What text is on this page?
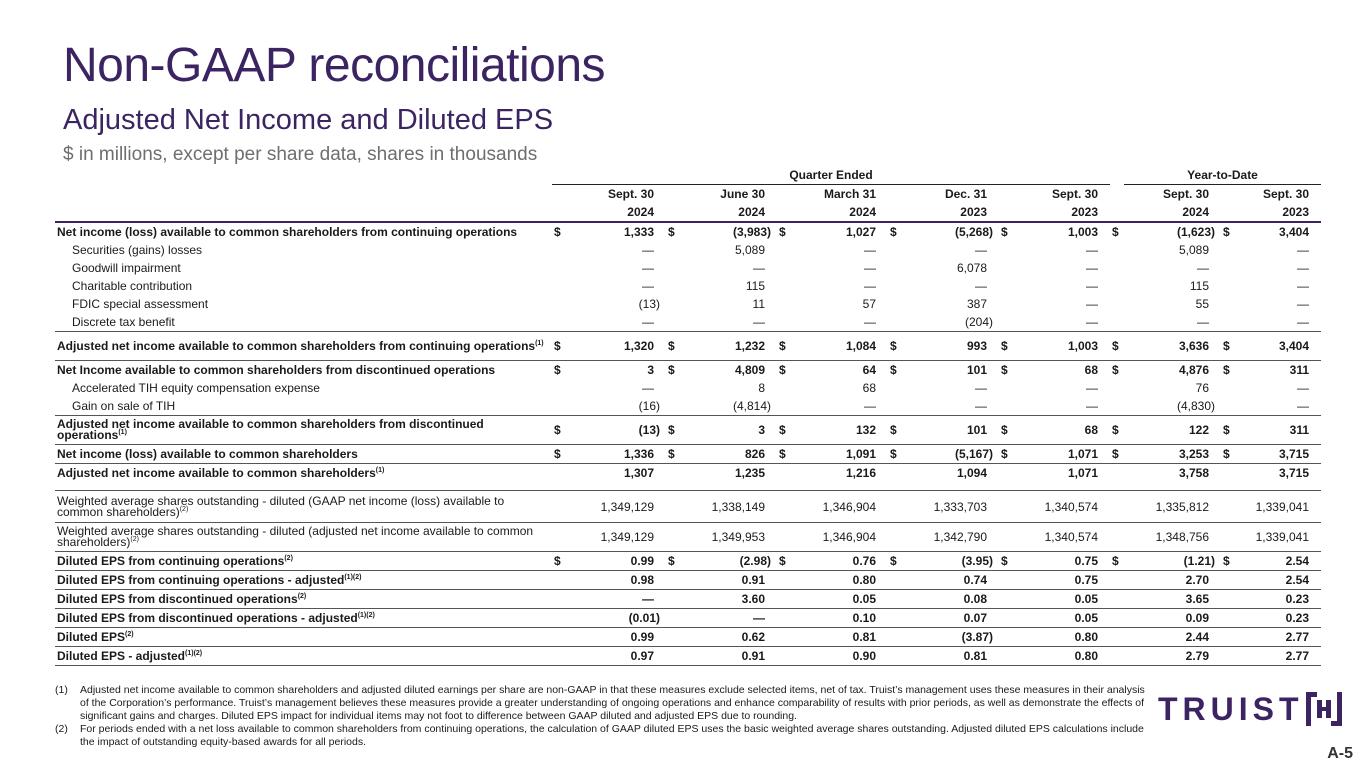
Non-GAAP reconciliations
Adjusted Net Income and Diluted EPS
$ in millions, except per share data, shares in thousands
	Quarter Ended											Year-to-Date		
	Sept. 30		June 30		March 31		Dec. 31		Sept. 30		Sept. 30		Sept. 30	
	2024		2024		2024		2023		2023		2024		2023	
Net income (loss) available to common shareholders from continuing operations	$	1,333	$	(3,983)	$	1,027	$	(5,268)	$	1,003	$	(1,623)	$	3,404
Securities (gains) losses		—		5,089		—		—		—		5,089		—
Goodwill impairment		—		—		—		6,078		—		—		—
Charitable contribution		—		115		—		—		—		115		—
FDIC special assessment		(13)		11		57		387		—		55		—
Discrete tax benefit		—		—		—		(204)		—		—		—
Adjusted net income available to common shareholders from continuing operations$^{(1)}$	$	1,320	$	1,232	$	1,084	$	993	$	1,003	$	3,636	$	3,404
Net Income available to common shareholders from discontinued operations	$	3	$	4,809	$	64	$	101	$	68	$	4,876	$	311
Accelerated TIH equity compensation expense		—		8		68		—		—		76		—
Gain on sale of TIH		(16)		(4,814)		—		—		—		(4,830)		—
Adjusted net income available to common shareholders from discontinued operations$^{(1)}$	$	(13)	$	3	$	132	$	101	$	68	$	122	$	311
Net income (loss) available to common shareholders	$	1,336	$	826	$	1,091	$	(5,167)	$	1,071	$	3,253	$	3,715
Adjusted net income available to common shareholders$^{(1)}$		1,307		1,235		1,216		1,094		1,071		3,758		3,715

Weighted average shares outstanding - diluted (GAAP net income (loss) available to common shareholders)$^{(2)}$		1,349,129		1,338,149		1,346,904		1,333,703		1,340,574		1,335,812		1,339,041
Weighted average shares outstanding - diluted (adjusted net income available to common shareholders)$^{(2)}$		1,349,129		1,349,953		1,346,904		1,342,790		1,340,574		1,348,756		1,339,041
Diluted EPS from continuing operations$^{(2)}$	$	0.99	$	(2.98)	$	0.76	$	(3.95)	$	0.75	$	(1.21)	$	2.54
Diluted EPS from continuing operations - adjusted$^{(1)(2)}$		0.98		0.91		0.80		0.74		0.75		2.70		2.54
Diluted EPS from discontinued operations$^{(2)}$		—		3.60		0.05		0.08		0.05		3.65		0.23
Diluted EPS from discontinued operations - adjusted$^{(1)(2)}$		(0.01)		—		0.10		0.07		0.05		0.09		0.23
Diluted EPS$^{(2)}$		0.99		0.62		0.81		(3.87)		0.80		2.44		2.77
Diluted EPS - adjusted$^{(1)(2)}$		0.97		0.91		0.90		0.81		0.80		2.79		2.77
(1) Adjusted net income available to common shareholders and adjusted diluted earnings per share are non-GAAP in that these measures exclude selected items, net of tax. Truist’s management uses these measures in their analysis of the Corporation’s performance. Truist’s management believes these measures provide a greater understanding of ongoing operations and enhance comparability of results with prior periods, as well as demonstrate the effects of significant gains and charges. Diluted EPS impact for individual items may not foot to difference between GAAP diluted and adjusted EPS due to rounding.
(2) For periods ended with a net loss available to common shareholders from continuing operations, the calculation of GAAP diluted EPS uses the basic weighted average shares outstanding. Adjusted diluted EPS calculations include the impact of outstanding equity-based awards for all periods.
TRUIST
A-5
